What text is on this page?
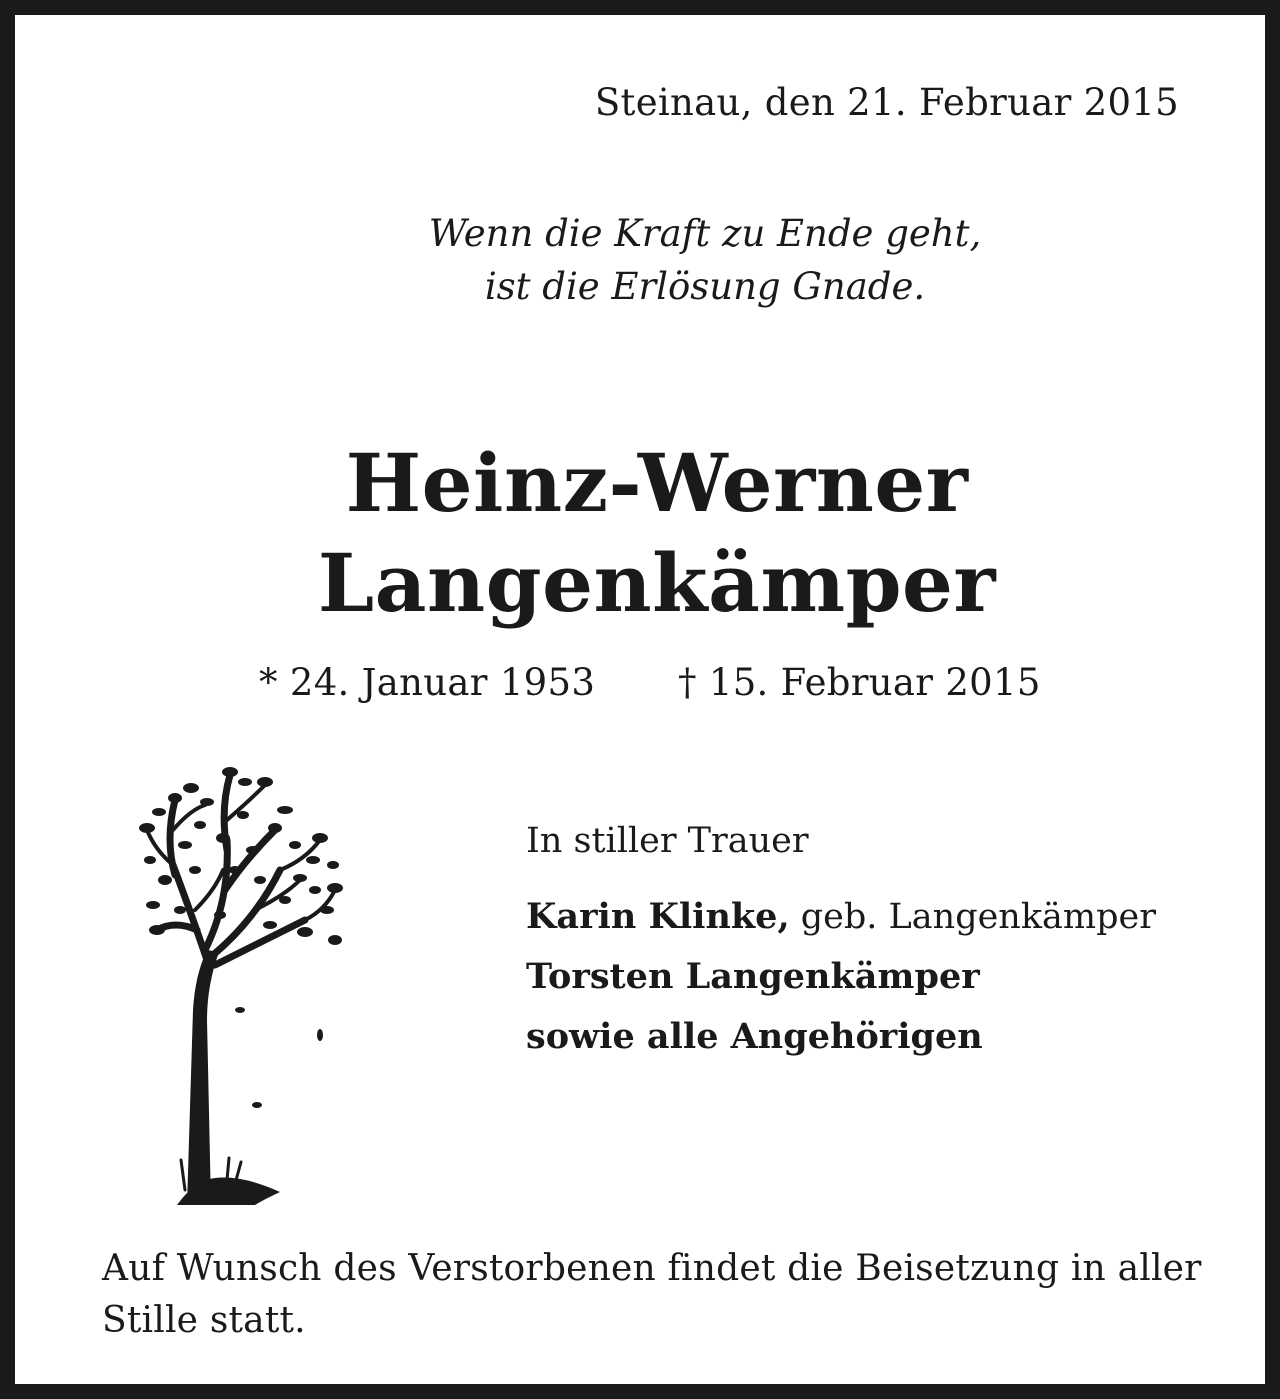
Steinau, den 21. Februar 2015
Wenn die Kraft zu Ende geht,
ist die Erlösung Gnade.
Heinz-Werner
Langenkämper
* 24. Januar 1953 † 15. Februar 2015
In stiller Trauer
Karin Klinke, geb. Langenkämper
Torsten Langenkämper
sowie alle Angehörigen
Auf Wunsch des Verstorbenen findet die Beisetzung in aller Stille statt.
